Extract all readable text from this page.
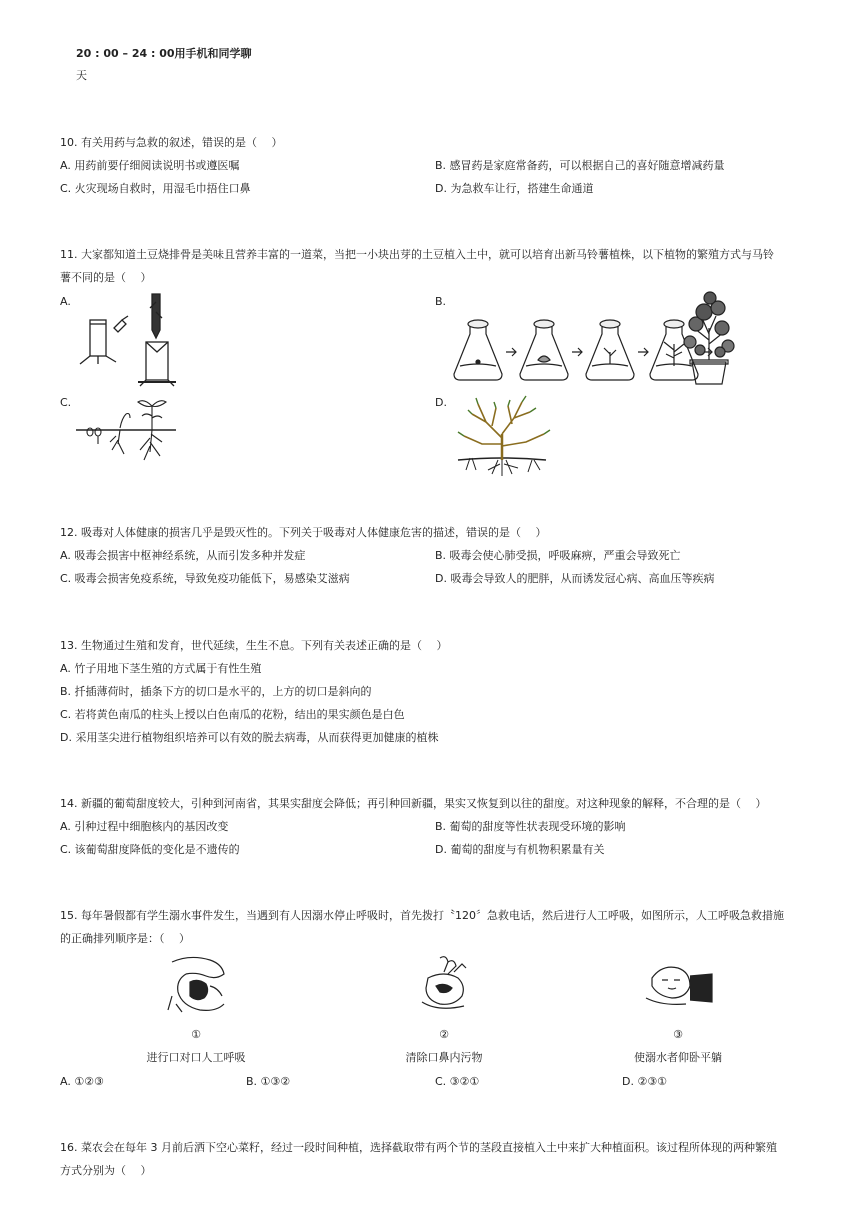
20 : 00 – 24 : 00用手机和同学聊
天
10. 有关用药与急救的叙述，错误的是（　 ）
A. 用药前要仔细阅读说明书或遵医嘱	B. 感冒药是家庭常备药，可以根据自己的喜好随意增减药量
C. 火灾现场自救时，用湿毛巾捂住口鼻	D. 为急救车让行，搭建生命通道
11. 大家都知道土豆烧排骨是美味且营养丰富的一道菜，当把一小块出芽的土豆植入土中，就可以培育出新马铃薯植株，以下植物的繁殖方式与马铃
薯不同的是（　 ）
A.	B.
C.	D.
12. 吸毒对人体健康的损害几乎是毁灭性的。下列关于吸毒对人体健康危害的描述，错误的是（　 ）
A. 吸毒会损害中枢神经系统，从而引发多种并发症	B. 吸毒会使心肺受损，呼吸麻痹，严重会导致死亡
C. 吸毒会损害免疫系统，导致免疫功能低下，易感染艾滋病	D. 吸毒会导致人的肥胖，从而诱发冠心病、高血压等疾病
13. 生物通过生殖和发育，世代延续，生生不息。下列有关表述正确的是（　 ）
A. 竹子用地下茎生殖的方式属于有性生殖
B. 扦插薄荷时，插条下方的切口是水平的，上方的切口是斜向的
C. 若将黄色南瓜的柱头上授以白色南瓜的花粉，结出的果实颜色是白色
D. 采用茎尖进行植物组织培养可以有效的脱去病毒，从而获得更加健康的植株
14. 新疆的葡萄甜度较大，引种到河南省，其果实甜度会降低；再引种回新疆，果实又恢复到以往的甜度。对这种现象的解释，不合理的是（　 ）
A. 引种过程中细胞核内的基因改变	B. 葡萄的甜度等性状表现受环境的影响
C. 该葡萄甜度降低的变化是不遗传的	D. 葡萄的甜度与有机物积累量有关
15. 每年暑假都有学生溺水事件发生，当遇到有人因溺水停止呼吸时，首先拨打〝120〞急救电话，然后进行人工呼吸，如图所示，人工呼吸急救措施
的正确排列顺序是：（　 ）
①
进行口对口人工呼吸
②
清除口鼻内污物
③
使溺水者仰卧平躺
A. ①②③	B. ①③②	C. ③②①	D. ②③①
16. 菜农会在每年 3 月前后洒下空心菜籽，经过一段时间种植，选择截取带有两个节的茎段直接植入土中来扩大种植面积。该过程所体现的两种繁殖
方式分别为（　 ）
